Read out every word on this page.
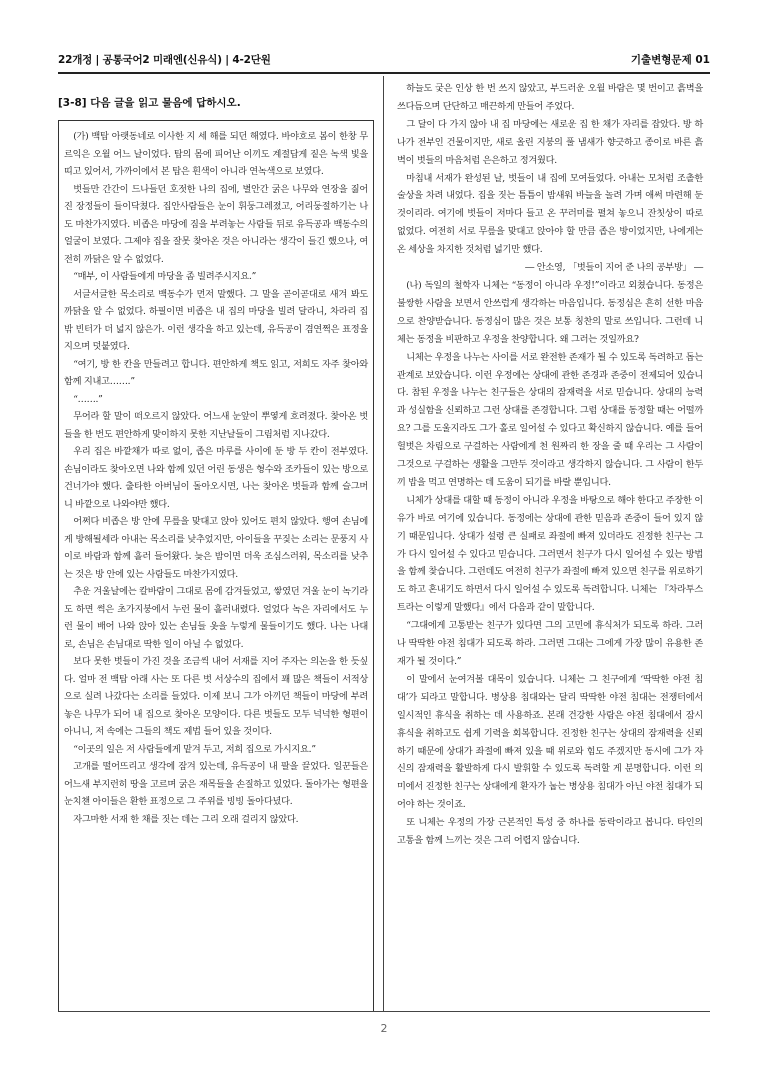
22개정 | 공통국어2 미래엔(신유식) | 4-2단원	기출변형문제 01
[3-8] 다음 글을 읽고 물음에 답하시오.

(가) 백탑 아랫동네로 이사한 지 세 해를 되던 해였다. 바야흐로 봄이 한창 무르익은 오월 어느 날이었다. 탑의 몸에 피어난 이끼도 계절답게 짙은 녹색 빛을 띠고 있어서, 가까이에서 본 탑은 흰색이 아니라 연녹색으로 보였다.

벗들만 간간이 드나들던 호젓한 나의 집에, 별안간 굵은 나무와 연장을 짊어진 장정들이 들이닥쳤다. 집안사람들은 눈이 휘둥그레졌고, 어리둥절하기는 나도 마찬가지였다. 비좁은 마당에 짐을 부려놓는 사람들 뒤로 유득공과 백동수의 얼굴이 보였다. 그제야 집을 잘못 찾아온 것은 아니라는 생각이 들긴 했으나, 여전히 까닭은 알 수 없었다.

“매부, 이 사람들에게 마당을 좀 빌려주시지요.”

서글서글한 목소리로 백동수가 먼저 말했다. 그 말을 곧이곧대로 새겨 봐도 까닭을 알 수 없었다. 하필이면 비좁은 내 집의 마당을 빌려 달라니, 차라리 집 밖 빈터가 더 넓지 않은가. 이런 생각을 하고 있는데, 유득공이 겸연쩍은 표정을 지으며 덧붙였다.

“여기, 방 한 칸을 만들려고 합니다. 편안하게 책도 읽고, 저희도 자주 찾아와 함께 지내고…….”

“…….”

무어라 할 말이 떠오르지 않았다. 어느새 눈앞이 뿌옇게 흐려졌다. 찾아온 벗들을 한 번도 편안하게 맞이하지 못한 지난날들이 그림처럼 지나갔다.

우리 집은 바깥채가 따로 없이, 좁은 마루를 사이에 둔 방 두 칸이 전부였다. 손님이라도 찾아오면 나와 함께 있던 어린 동생은 형수와 조카들이 있는 방으로 건너가야 했다. 출타한 아버님이 돌아오시면, 나는 찾아온 벗들과 함께 슬그머니 바깥으로 나와야만 했다.

어쩌다 비좁은 방 안에 무릎을 맞대고 앉아 있어도 편치 않았다. 행여 손님에게 방해될세라 아내는 목소리를 낮추었지만, 아이들을 꾸짖는 소리는 문풍지 사이로 바람과 함께 흘러 들어왔다. 늦은 밤이면 더욱 조심스러워, 목소리를 낮추는 것은 방 안에 있는 사람들도 마찬가지였다.

추운 겨울날에는 칼바람이 그대로 몸에 감겨들었고, 쌓였던 겨울 눈이 녹기라도 하면 썩은 초가지붕에서 누런 물이 흘러내렸다. 얼었다 녹은 자리에서도 누런 물이 배어 나와 앉아 있는 손님들 옷을 누렇게 물들이기도 했다. 나는 나대로, 손님은 손님대로 딱한 일이 아닐 수 없었다.

보다 못한 벗들이 가진 것을 조금씩 내어 서재를 지어 주자는 의논을 한 듯싶다. 얼마 전 백탑 아래 사는 또 다른 벗 서상수의 집에서 꽤 많은 책들이 서적상으로 실려 나갔다는 소리를 들었다. 이제 보니 그가 아끼던 책들이 마당에 부려 놓은 나무가 되어 내 집으로 찾아온 모양이다. 다른 벗들도 모두 넉넉한 형편이 아니니, 저 속에는 그들의 책도 제법 들어 있을 것이다.

“이곳의 일은 저 사람들에게 맡겨 두고, 저희 집으로 가시지요.”

고개를 떨어뜨리고 생각에 잠겨 있는데, 유득공이 내 팔을 끌었다. 일꾼들은 어느새 부지런히 땅을 고르며 굵은 재목들을 손질하고 있었다. 돌아가는 형편을 눈치챈 아이들은 환한 표정으로 그 주위를 빙빙 돌아다녔다.

자그마한 서재 한 채를 짓는 데는 그리 오래 걸리지 않았다.

하늘도 궂은 인상 한 번 쓰지 않았고, 부드러운 오월 바람은 몇 번이고 흙벽을 쓰다듬으며 단단하고 매끈하게 만들어 주었다.

그 달이 다 가지 않아 내 집 마당에는 새로운 집 한 채가 자리를 잡았다. 방 하나가 전부인 건물이지만, 새로 올린 지붕의 풀 냄새가 향긋하고 종이로 바른 흙벽이 벗들의 마음처럼 은은하고 정겨웠다.

마침내 서재가 완성된 날, 벗들이 내 집에 모여들었다. 아내는 모처럼 조촐한 술상을 차려 내었다. 집을 짓는 틈틈이 밤새워 바늘을 놀려 가며 애써 마련해 둔 것이리라. 여기에 벗들이 저마다 들고 온 꾸러미를 펼쳐 놓으니 잔칫상이 따로 없었다. 여전히 서로 무릎을 맞대고 앉아야 할 만큼 좁은 방이었지만, 나에게는 온 세상을 차지한 것처럼 넓기만 했다.

― 안소영, 「벗들이 지어 준 나의 공부방」 ―

(나) 독일의 철학자 니체는 “동정이 아니라 우정!”이라고 외쳤습니다. 동정은 불쌍한 사람을 보면서 안쓰럽게 생각하는 마음입니다. 동정심은 흔히 선한 마음으로 찬양받습니다. 동정심이 많은 것은 보통 칭찬의 말로 쓰입니다. 그런데 니체는 동정을 비판하고 우정을 찬양합니다. 왜 그러는 것일까요?

니체는 우정을 나누는 사이를 서로 완전한 존재가 될 수 있도록 독려하고 돕는 관계로 보았습니다. 이런 우정에는 상대에 관한 존경과 존중이 전제되어 있습니다. 참된 우정을 나누는 친구들은 상대의 잠재력을 서로 믿습니다. 상대의 능력과 성실함을 신뢰하고 그런 상대를 존경합니다. 그럼 상대를 동정할 때는 어떨까요? 그를 도울지라도 그가 홀로 일어설 수 있다고 확신하지 않습니다. 예를 들어 헐벗은 차림으로 구걸하는 사람에게 천 원짜리 한 장을 줄 때 우리는 그 사람이 그것으로 구걸하는 생활을 그만두 것이라고 생각하지 않습니다. 그 사람이 한두 끼 밥을 먹고 연명하는 데 도움이 되기를 바랄 뿐입니다.

니체가 상대를 대할 때 동정이 아니라 우정을 바탕으로 해야 한다고 주장한 이유가 바로 여기에 있습니다. 동정에는 상대에 관한 믿음과 존중이 들어 있지 않기 때문입니다. 상대가 설령 큰 실패로 좌절에 빠져 있더라도 진정한 친구는 그가 다시 일어설 수 있다고 믿습니다. 그러면서 친구가 다시 일어설 수 있는 방법을 함께 찾습니다. 그런데도 여전히 친구가 좌절에 빠져 있으면 친구를 위로하기도 하고 혼내기도 하면서 다시 일어설 수 있도록 독려합니다. 니체는 『차라투스트라는 이렇게 말했다』에서 다음과 같이 말합니다.

“그대에게 고통받는 친구가 있다면 그의 고민에 휴식처가 되도록 하라. 그러나 딱딱한 야전 침대가 되도록 하라. 그러면 그대는 그에게 가장 많이 유용한 존재가 될 것이다.”

이 말에서 눈여겨볼 대목이 있습니다. 니체는 그 친구에게 ‘딱딱한 야전 침대’가 되라고 말합니다. 병상용 침대와는 달리 딱딱한 야전 침대는 전쟁터에서 일시적인 휴식을 취하는 데 사용하죠. 본래 건강한 사람은 야전 침대에서 잠시 휴식을 취하고도 쉽게 기력을 회복합니다. 진정한 친구는 상대의 잠재력을 신뢰하기 때문에 상대가 좌절에 빠져 있을 때 위로와 힘도 주겠지만 동시에 그가 자신의 잠재력을 활발하게 다시 발휘할 수 있도록 독려할 게 분명합니다. 이런 의미에서 진정한 친구는 상대에게 환자가 눕는 병상용 침대가 아닌 야전 침대가 되어야 하는 것이죠.

또 니체는 우정의 가장 근본적인 특성 중 하나를 동락이라고 봅니다. 타인의 고통을 함께 느끼는 것은 그리 어렵지 않습니다.

2
